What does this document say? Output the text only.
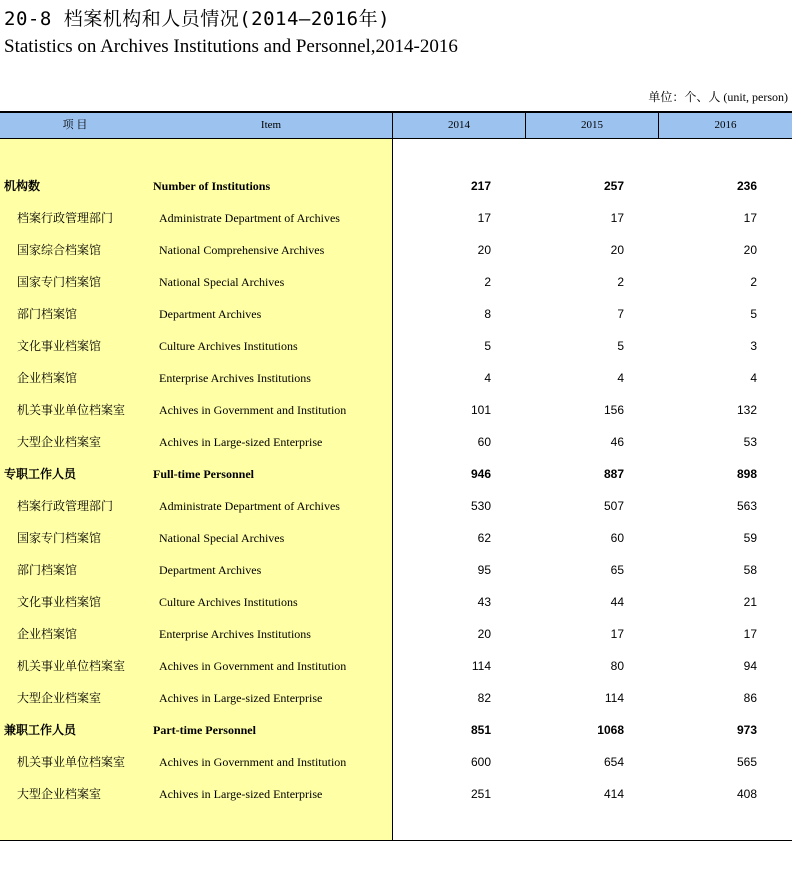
20-8 档案机构和人员情况(2014—2016年)
Statistics on Archives Institutions and Personnel,2014-2016
单位：个、人 (unit, person)
项 目	Item	2014	2015	2016
机构数	Number of Institutions	217	257	236
档案行政管理部门	Administrate Department of Archives	17	17	17
国家综合档案馆	National Comprehensive Archives	20	20	20
国家专门档案馆	National Special Archives	2	2	2
部门档案馆	Department Archives	8	7	5
文化事业档案馆	Culture Archives Institutions	5	5	3
企业档案馆	Enterprise Archives Institutions	4	4	4
机关事业单位档案室	Achives in Government and Institution	101	156	132
大型企业档案室	Achives in Large-sized Enterprise	60	46	53
专职工作人员	Full-time Personnel	946	887	898
档案行政管理部门	Administrate Department of Archives	530	507	563
国家专门档案馆	National Special Archives	62	60	59
部门档案馆	Department Archives	95	65	58
文化事业档案馆	Culture Archives Institutions	43	44	21
企业档案馆	Enterprise Archives Institutions	20	17	17
机关事业单位档案室	Achives in Government and Institution	114	80	94
大型企业档案室	Achives in Large-sized Enterprise	82	114	86
兼职工作人员	Part-time Personnel	851	1068	973
机关事业单位档案室	Achives in Government and Institution	600	654	565
大型企业档案室	Achives in Large-sized Enterprise	251	414	408
